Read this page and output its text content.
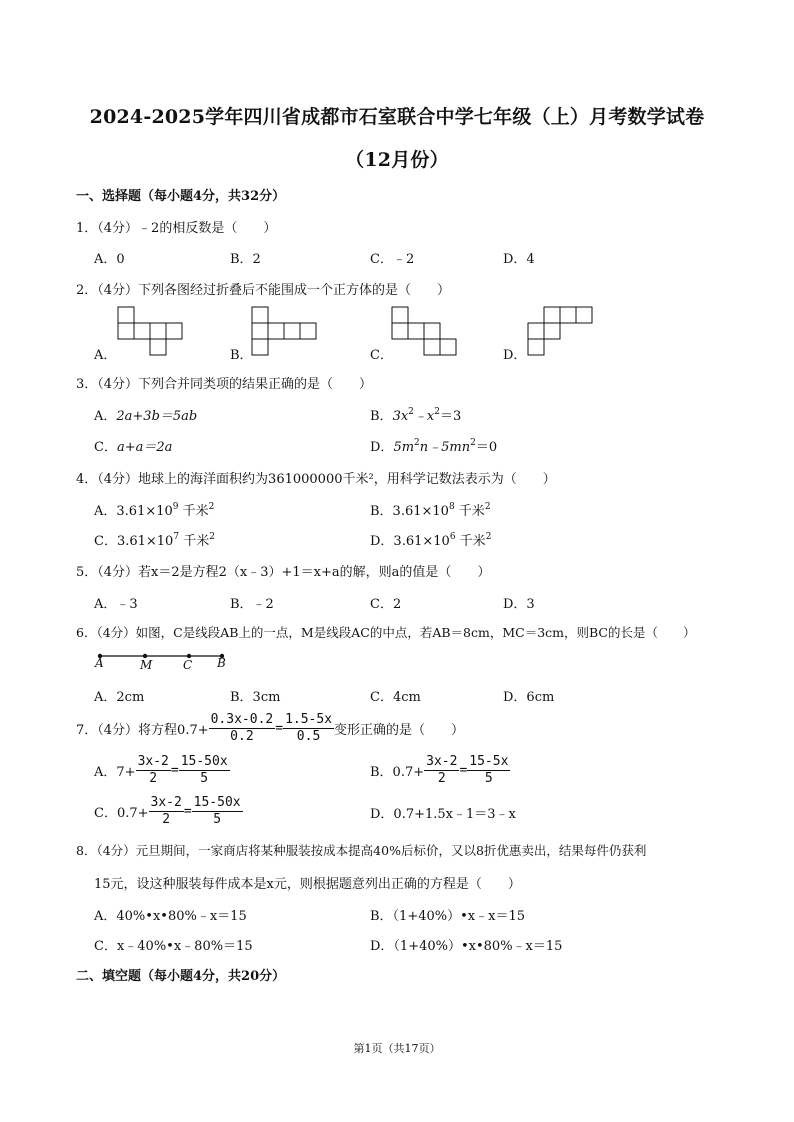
2024-2025学年四川省成都市石室联合中学七年级（上）月考数学试卷
（12月份）
一、选择题（每小题4分，共32分）
1．（4分）﹣2的相反数是（　　）
A．0	B．2	C．﹣2	D．4
2．（4分）下列各图经过折叠后不能围成一个正方体的是（　　）
A．	B．	C．	D．
3．（4分）下列合并同类项的结果正确的是（　　）
A．2a+3b＝5ab	B．$3x^2﹣x^2=3$
C．a+a＝2a	D．$5m^2n﹣5mn^2=0$
4．（4分）地球上的海洋面积约为361000000千米²，用科学记数法表示为（　　）
A．$3.61\times 10^9$ 千米$^2$	B．$3.61\times 10^8$ 千米$^2$
C．$3.61\times 10^7$ 千米$^2$	D．$3.61\times 10^6$ 千米$^2$
5．（4分）若x＝2是方程2（x﹣3）+1＝x+a的解，则a的值是（　　）
A．﹣3	B．﹣2	C．2	D．3
6．（4分）如图，C是线段AB上的一点，M是线段AC的中点，若AB＝8cm，MC＝3cm，则BC的长是（　　）
A	M	C B
A．2cm	B．3cm	C．4cm	D．6cm
7．（4分）将方程$0.7+ \frac{0.3x-0.2}{0.2} = \frac{1.5-5x}{0.5}$ 变形正确的是（　　）
A．$7+ \frac{3x-2}{2} = \frac{15-50x}{5}$	B．$0.7+ \frac{3x-2}{2} = \frac{15-5x}{5}$
C．$0.7+ \frac{3x-2}{2} = \frac{15-50x}{5}$	D．0.7+1.5x﹣1＝3﹣x
8．（4分）元旦期间，一家商店将某种服装按成本提高40%后标价，又以8折优惠卖出，结果每件仍获利
15元，设这种服装每件成本是x元，则根据题意列出正确的方程是（　　）
A．40%•x•80%﹣x＝15	B．（1+40%）•x﹣x＝15
C．x﹣40%•x﹣80%＝15	D．（1+40%）•x•80%﹣x＝15
二、填空题（每小题4分，共20分）
第1页（共17页）
